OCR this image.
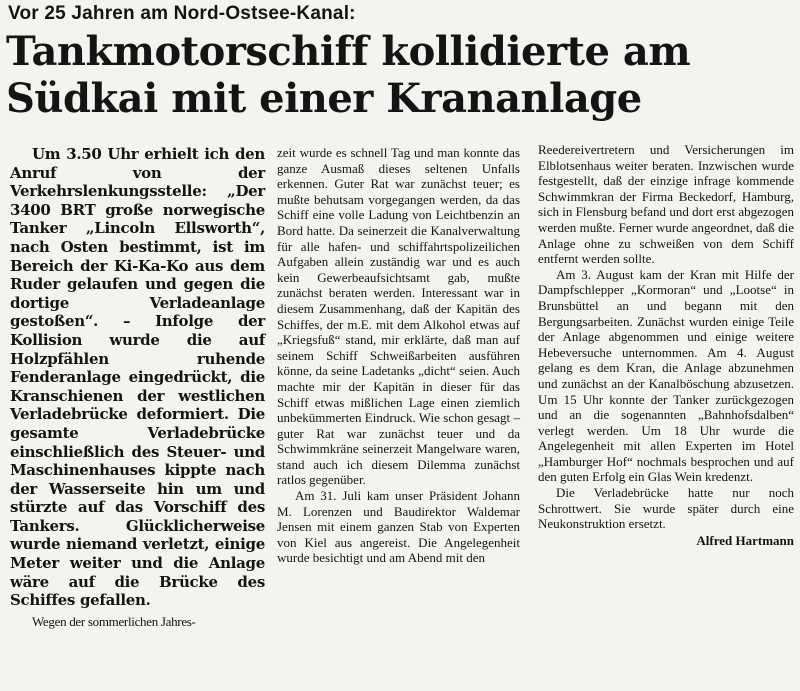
Vor 25 Jahren am Nord-Ostsee-Kanal:
Tankmotorschiff kollidierte am
Südkai mit einer Krananlage

Um 3.50 Uhr erhielt ich den Anruf von der Verkehrslenkungsstelle: „Der 3400 BRT große norwegische Tanker „Lincoln Ellsworth“, nach Osten bestimmt, ist im Bereich der Ki-Ka-Ko aus dem Ruder gelaufen und gegen die dortige Verladeanlage gestoßen“. – Infolge der Kollision wurde die auf Holzpfählen ruhende Fenderanlage eingedrückt, die Kranschienen der westlichen Verladebrücke deformiert. Die gesamte Verladebrücke einschließlich des Steuer- und Maschinenhauses kippte nach der Wasserseite hin um und stürzte auf das Vorschiff des Tankers. Glücklicherweise wurde niemand verletzt, einige Meter weiter und die Anlage wäre auf die Brücke des Schiffes gefallen.

Wegen der sommerlichen Jahres-

zeit wurde es schnell Tag und man konnte das ganze Ausmaß dieses seltenen Unfalls erkennen. Guter Rat war zunächst teuer; es mußte behutsam vorgegangen werden, da das Schiff eine volle Ladung von Leichtbenzin an Bord hatte. Da seinerzeit die Kanalverwaltung für alle hafen- und schiffahrtspolizeilichen Aufgaben allein zuständig war und es auch kein Gewerbeaufsichtsamt gab, mußte zunächst beraten werden. Interessant war in diesem Zusammenhang, daß der Kapitän des Schiffes, der m.E. mit dem Alkohol etwas auf „Kriegsfuß“ stand, mir erklärte, daß man auf seinem Schiff Schweißarbeiten ausführen könne, da seine Ladetanks „dicht“ seien. Auch machte mir der Kapitän in dieser für das Schiff etwas mißlichen Lage einen ziemlich unbekümmerten Eindruck. Wie schon gesagt – guter Rat war zunächst teuer und da Schwimmkräne seinerzeit Mangelware waren, stand auch ich diesem Dilemma zunächst ratlos gegenüber.

Am 31. Juli kam unser Präsident Johann M. Lorenzen und Baudirektor Waldemar Jensen mit einem ganzen Stab von Experten von Kiel aus angereist. Die Angelegenheit wurde besichtigt und am Abend mit den

Reedereivertretern und Versicherungen im Elblotsenhaus weiter beraten. Inzwischen wurde festgestellt, daß der einzige infrage kommende Schwimmkran der Firma Beckedorf, Hamburg, sich in Flensburg befand und dort erst abgezogen werden mußte. Ferner wurde angeordnet, daß die Anlage ohne zu schweißen von dem Schiff entfernt werden sollte.

Am 3. August kam der Kran mit Hilfe der Dampfschlepper „Kormoran“ und „Lootse“ in Brunsbüttel an und begann mit den Bergungsarbeiten. Zunächst wurden einige Teile der Anlage abgenommen und einige weitere Hebeversuche unternommen. Am 4. August gelang es dem Kran, die Anlage abzunehmen und zunächst an der Kanalböschung abzusetzen. Um 15 Uhr konnte der Tanker zurückgezogen und an die sogenannten „Bahnhofsdalben“ verlegt werden. Um 18 Uhr wurde die Angelegenheit mit allen Experten im Hotel „Hamburger Hof“ nochmals besprochen und auf den guten Erfolg ein Glas Wein kredenzt.

Die Verladebrücke hatte nur noch Schrottwert. Sie wurde später durch eine Neukonstruktion ersetzt.

Alfred Hartmann
